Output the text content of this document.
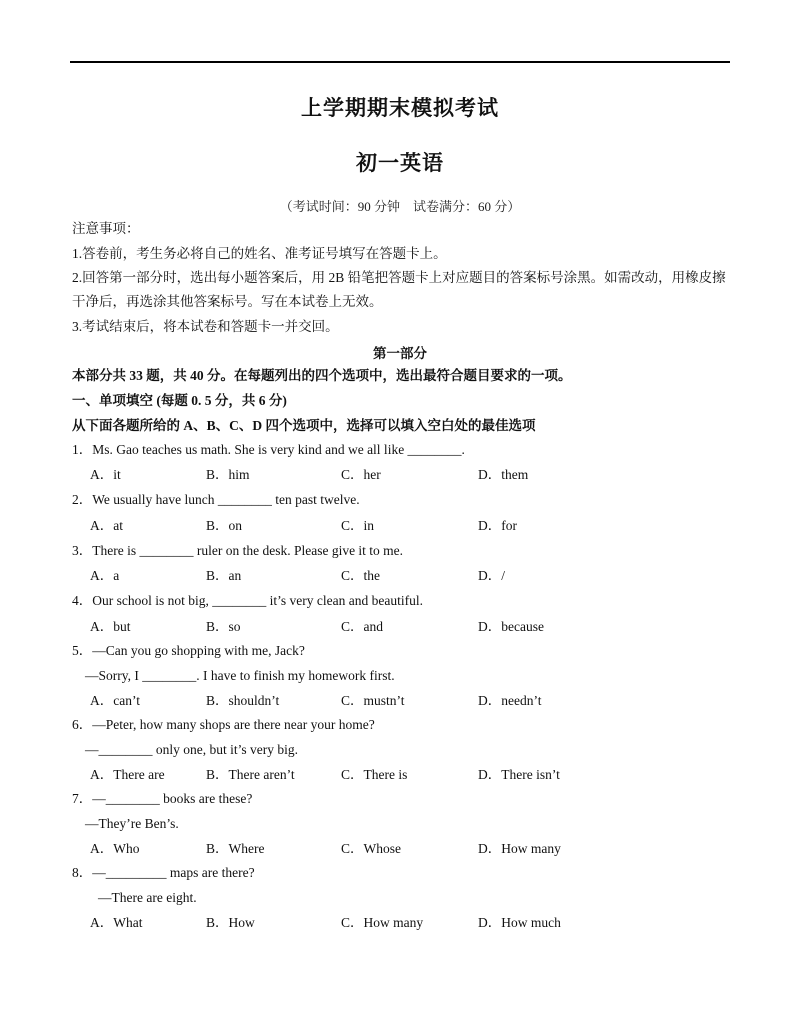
上学期期末模拟考试
初一英语
（考试时间：90 分钟　试卷满分：60 分）
注意事项：
1.答卷前，考生务必将自己的姓名、准考证号填写在答题卡上。
2.回答第一部分时，选出每小题答案后，用 2B 铅笔把答题卡上对应题目的答案标号涂黑。如需改动，用橡皮擦干净后，再选涂其他答案标号。写在本试卷上无效。
3.考试结束后，将本试卷和答题卡一并交回。
第一部分
本部分共 33 题，共 40 分。在每题列出的四个选项中，选出最符合题目要求的一项。
一、单项填空 (每题 0. 5 分，共 6 分)
从下面各题所给的 A、B、C、D 四个选项中，选择可以填入空白处的最佳选项
1．Ms. Gao teaches us math. She is very kind and we all like ________.
A．it	B．him	C．her	D．them
2．We usually have lunch ________ ten past twelve.
A．at	B．on	C．in	D．for
3．There is ________ ruler on the desk. Please give it to me.
A．a	B．an	C．the	D．/
4．Our school is not big, ________ it’s very clean and beautiful.
A．but	B．so	C．and	D．because
5．—Can you go shopping with me, Jack?
—Sorry, I ________. I have to finish my homework first.
A．can’t	B．shouldn’t	C．mustn’t	D．needn’t
6．—Peter, how many shops are there near your home?
—________ only one, but it’s very big.
A．There are	B．There aren’t	C．There is	D．There isn’t
7．—________ books are these?
—They’re Ben’s.
A．Who	B．Where	C．Whose	D．How many
8．—_________ maps are there?
—There are eight.
A．What	B．How	C．How many	D．How much
